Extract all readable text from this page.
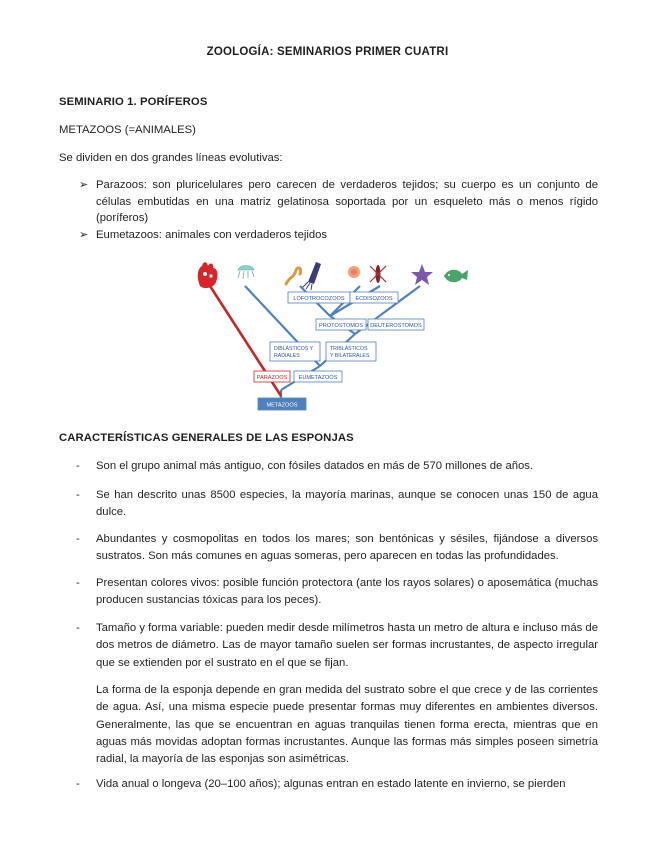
ZOOLOGÍA: SEMINARIOS PRIMER CUATRI
SEMINARIO 1. PORÍFEROS
METAZOOS (=ANIMALES)
Se dividen en dos grandes líneas evolutivas:
➢ Parazoos: son pluricelulares pero carecen de verdaderos tejidos; su cuerpo es un conjunto de células embutidas en una matriz gelatinosa soportada por un esqueleto más o menos rígido (poríferos)
➢ Eumetazoos: animales con verdaderos tejidos
LOFOTROCOZOOS ECDISOZOOS
PROTOSTOMOS DEUTEROSTOMOS
DIBLÁSTICOS Y
RADIALES
TRIBLÁSTICOS
Y BILATERALES
PARAZOOS EUMETAZOOS
METAZOOS
CARACTERÍSTICAS GENERALES DE LAS ESPONJAS
- Son el grupo animal más antiguo, con fósiles datados en más de 570 millones de años.
- Se han descrito unas 8500 especies, la mayoría marinas, aunque se conocen unas 150 de agua dulce.
- Abundantes y cosmopolitas en todos los mares; son bentónicas y sésiles, fijándose a diversos sustratos. Son más comunes en aguas someras, pero aparecen en todas las profundidades.
- Presentan colores vivos: posible función protectora (ante los rayos solares) o aposemática (muchas producen sustancias tóxicas para los peces).
- Tamaño y forma variable: pueden medir desde milímetros hasta un metro de altura e incluso más de dos metros de diámetro. Las de mayor tamaño suelen ser formas incrustantes, de aspecto irregular que se extienden por el sustrato en el que se fijan.
La forma de la esponja depende en gran medida del sustrato sobre el que crece y de las corrientes de agua. Así, una misma especie puede presentar formas muy diferentes en ambientes diversos. Generalmente, las que se encuentran en aguas tranquilas tienen forma erecta, mientras que en aguas más movidas adoptan formas incrustantes. Aunque las formas más simples poseen simetría radial, la mayoría de las esponjas son asimétricas.
- Vida anual o longeva (20–100 años); algunas entran en estado latente en invierno, se pierden
